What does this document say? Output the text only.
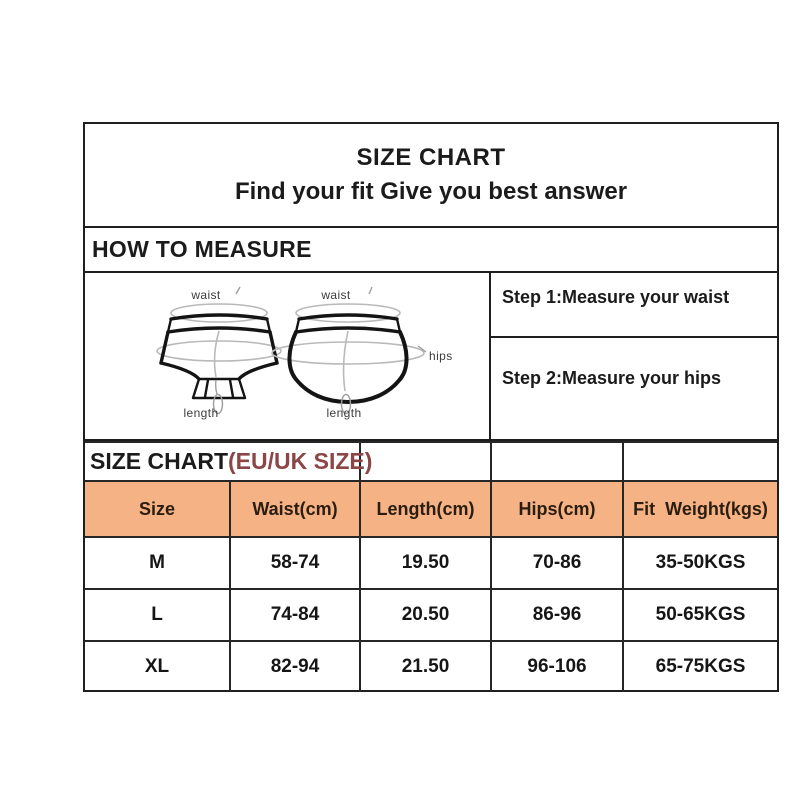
SIZE CHART
Find your fit Give you best answer
HOW TO MEASURE
waist
length
waist
hips
length
Step 1:Measure your waist
Step 2:Measure your hips
SIZE CHART(EU/UK SIZE)				
Size	Waist(cm)	Length(cm)	Hips(cm)	Fit  Weight(kgs)
M	58-74	19.50	70-86	35-50KGS
L	74-84	20.50	86-96	50-65KGS
XL	82-94	21.50	96-106	65-75KGS
